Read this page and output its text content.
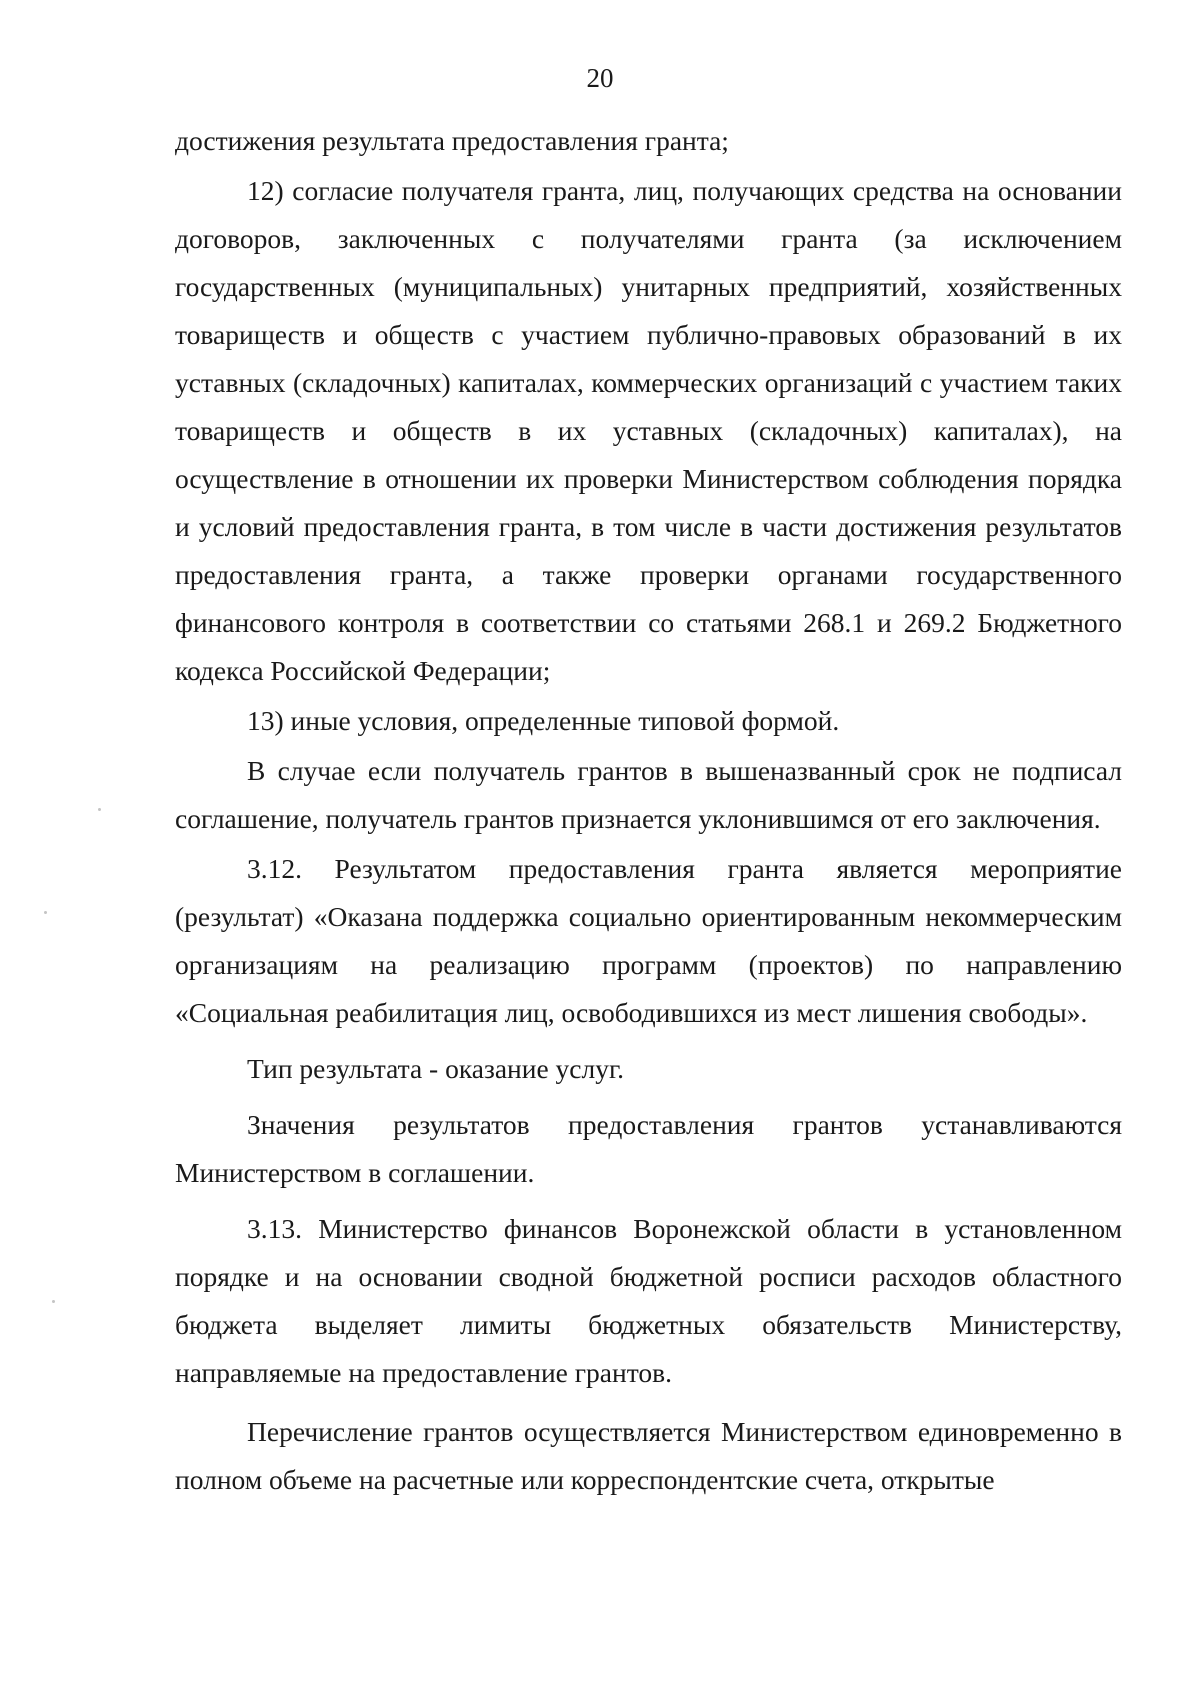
20

достижения результата предоставления гранта;

12) согласие получателя гранта, лиц, получающих средства на основании договоров, заключенных с получателями гранта (за исключением государственных (муниципальных) унитарных предприятий, хозяйственных товариществ и обществ с участием публично-правовых образований в их уставных (складочных) капиталах, коммерческих организаций с участием таких товариществ и обществ в их уставных (складочных) капиталах), на осуществление в отношении их проверки Министерством соблюдения порядка и условий предоставления гранта, в том числе в части достижения результатов предоставления гранта, а также проверки органами государственного финансового контроля в соответствии со статьями 268.1 и 269.2 Бюджетного кодекса Российской Федерации;

13) иные условия, определенные типовой формой.

В случае если получатель грантов в вышеназванный срок не подписал соглашение, получатель грантов признается уклонившимся от его заключения.

3.12. Результатом предоставления гранта является мероприятие (результат) «Оказана поддержка социально ориентированным некоммерческим организациям на реализацию программ (проектов) по направлению «Социальная реабилитация лиц, освободившихся из мест лишения свободы».

Тип результата - оказание услуг.

Значения результатов предоставления грантов устанавливаются Министерством в соглашении.

3.13. Министерство финансов Воронежской области в установленном порядке и на основании сводной бюджетной росписи расходов областного бюджета выделяет лимиты бюджетных обязательств Министерству, направляемые на предоставление грантов.

Перечисление грантов осуществляется Министерством единовременно в полном объеме на расчетные или корреспондентские счета, открытые
